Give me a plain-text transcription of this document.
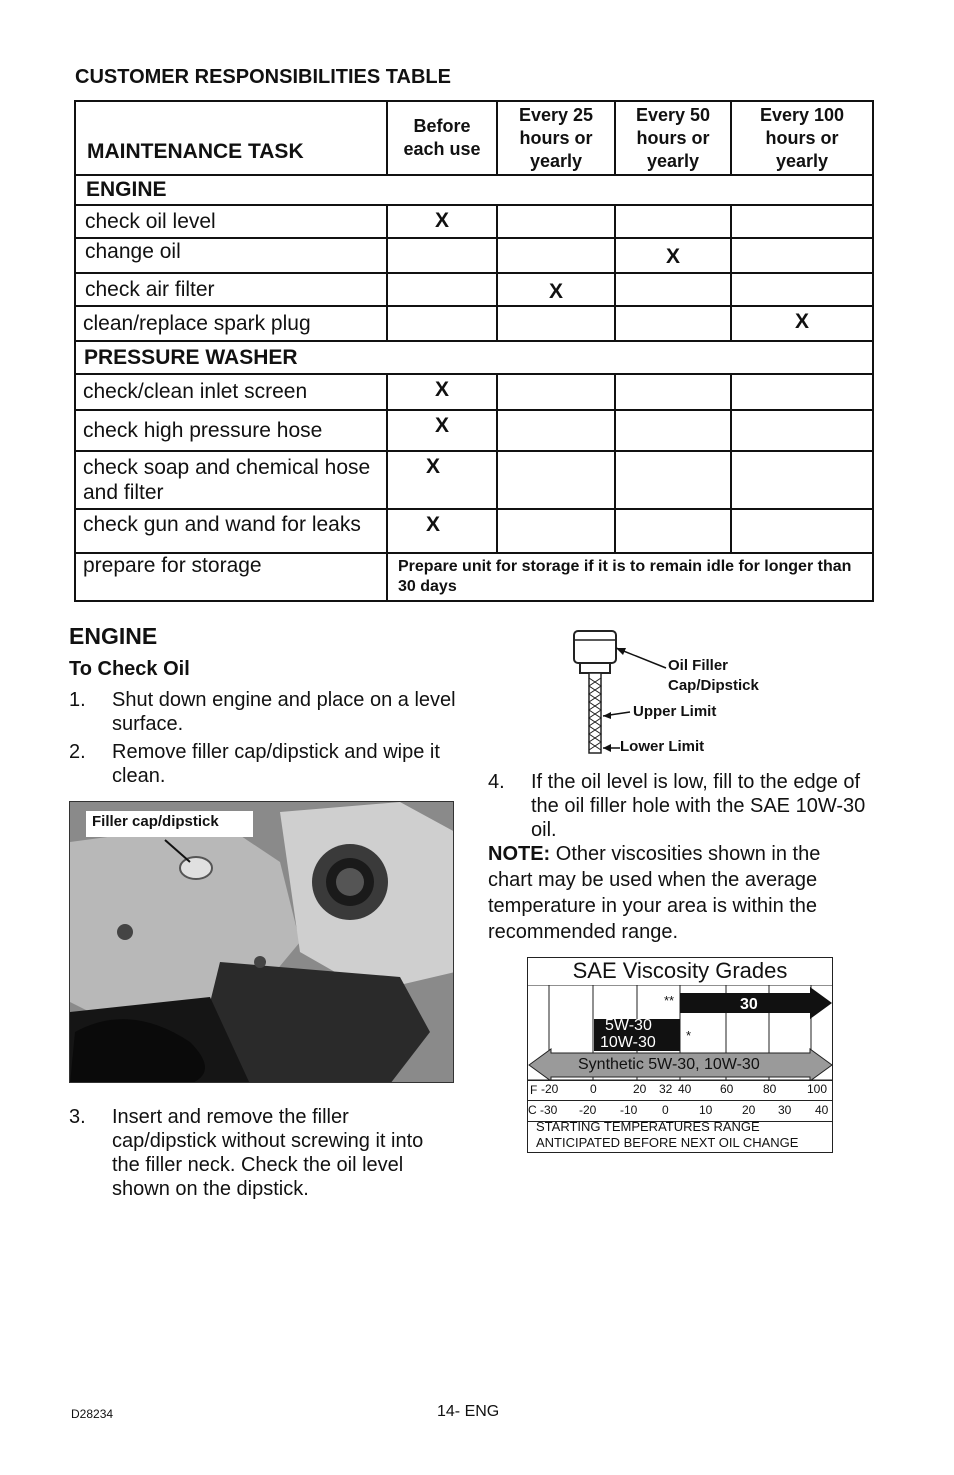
CUSTOMER RESPONSIBILITIES TABLE
MAINTENANCE TASK	Before each use	Every 25 hours or yearly	Every 50 hours or yearly	Every 100 hours or yearly
ENGINE				
check oil level	X			
change oil			X	
check air filter		X		
clean/replace spark plug				X
PRESSURE WASHER				
check/clean inlet screen	X			
check high pressure hose	X			
check soap and chemical hose and filter	X			
check gun and wand for leaks	X			
prepare for storage	Prepare unit for storage if it is to remain idle for longer than 30 days			
ENGINE
To Check Oil
1. Shut down engine and place on a level surface.
2. Remove filler cap/dipstick and wipe it clean.
Filler cap/dipstick
3. Insert and remove the filler cap/dipstick without screwing it into the filler neck. Check the oil level shown on the dipstick.
Oil Filler
Cap/Dipstick
Upper Limit
Lower Limit
4. If the oil level is low, fill to the edge of the oil filler hole with the SAE 10W-30 oil.
NOTE: Other viscosities shown in the chart may be used when the average temperature in your area is within the recommended range.
SAE Viscosity Grades
**	30
5W-30
10W-30 *
Synthetic 5W-30, 10W-30
F -20	0	20 32 40 60 80	100
C -30 -20 -10 0	10 20 30 40
STARTING TEMPERATURES RANGE
ANTICIPATED BEFORE NEXT OIL CHANGE
D28234	14- ENG
